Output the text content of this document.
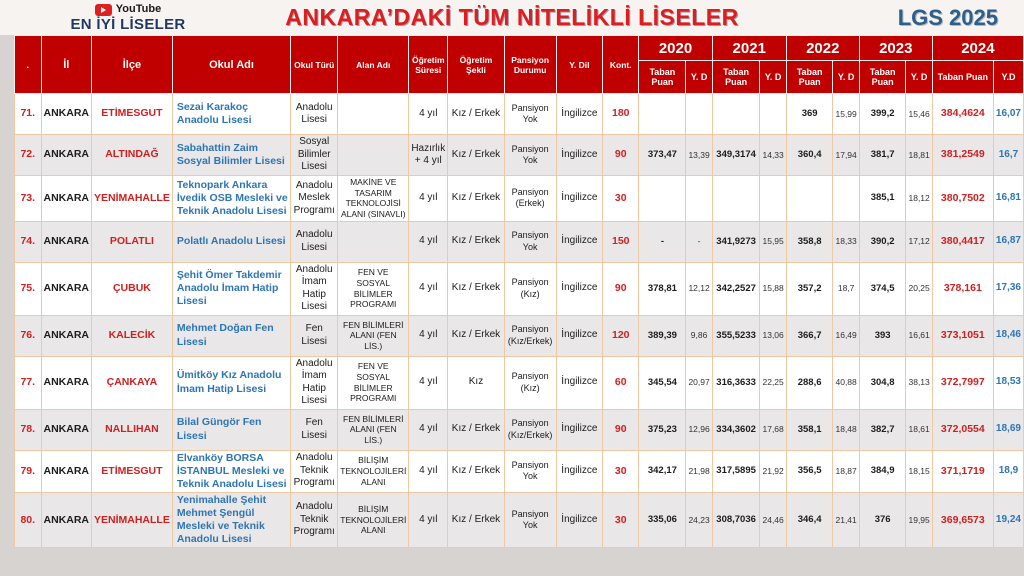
YouTube
EN İYİ LİSELER	ANKARA’DAKİ TÜM NİTELİKLİ LİSELER	LGS 2025
.	İl	İlçe	Okul Adı	Okul Türü	Alan Adı	Öğretim Süresi	Öğretim Şekli	Pansiyon Durumu	Y. Dil	Kont.	2020		2021		2022		2023		2024	
											Taban Puan	Y. D	Taban Puan	Y. D	Taban Puan	Y. D	Taban Puan	Y. D	Taban Puan	Y.D
71.	ANKARA	ETİMESGUT	Sezai Karakoç Anadolu Lisesi	Anadolu Lisesi		4 yıl	Kız / Erkek	Pansiyon Yok	İngilizce	180					369	15,99	399,2	15,46	384,4624	16,07
72.	ANKARA	ALTINDAĞ	Sabahattin Zaim Sosyal Bilimler Lisesi	Sosyal Bilimler Lisesi		Hazırlık + 4 yıl	Kız / Erkek	Pansiyon Yok	İngilizce	90	373,47	13,39	349,3174	14,33	360,4	17,94	381,7	18,81	381,2549	16,7
73.	ANKARA	YENİMAHALLE	Teknopark Ankara İvedik OSB Mesleki ve Teknik Anadolu Lisesi	Anadolu Meslek Programı	MAKİNE VE TASARIM TEKNOLOJİSİ ALANI (SINAVLI)	4 yıl	Kız / Erkek	Pansiyon (Erkek)	İngilizce	30							385,1	18,12	380,7502	16,81
74.	ANKARA	POLATLI	Polatlı Anadolu Lisesi	Anadolu Lisesi		4 yıl	Kız / Erkek	Pansiyon Yok	İngilizce	150	-	-	341,9273	15,95	358,8	18,33	390,2	17,12	380,4417	16,87
75.	ANKARA	ÇUBUK	Şehit Ömer Takdemir Anadolu İmam Hatip Lisesi	Anadolu İmam Hatip Lisesi	FEN VE SOSYAL BİLİMLER PROGRAMI	4 yıl	Kız / Erkek	Pansiyon (Kız)	İngilizce	90	378,81	12,12	342,2527	15,88	357,2	18,7	374,5	20,25	378,161	17,36
76.	ANKARA	KALECİK	Mehmet Doğan Fen Lisesi	Fen Lisesi	FEN BİLİMLERİ ALANI (FEN LİS.)	4 yıl	Kız / Erkek	Pansiyon (Kız/Erkek)	İngilizce	120	389,39	9,86	355,5233	13,06	366,7	16,49	393	16,61	373,1051	18,46
77.	ANKARA	ÇANKAYA	Ümitköy Kız Anadolu İmam Hatip Lisesi	Anadolu İmam Hatip Lisesi	FEN VE SOSYAL BİLİMLER PROGRAMI	4 yıl	Kız	Pansiyon (Kız)	İngilizce	60	345,54	20,97	316,3633	22,25	288,6	40,88	304,8	38,13	372,7997	18,53
78.	ANKARA	NALLIHAN	Bilal Güngör Fen Lisesi	Fen Lisesi	FEN BİLİMLERİ ALANI (FEN LİS.)	4 yıl	Kız / Erkek	Pansiyon (Kız/Erkek)	İngilizce	90	375,23	12,96	334,3602	17,68	358,1	18,48	382,7	18,61	372,0554	18,69
79.	ANKARA	ETİMESGUT	Elvanköy BORSA İSTANBUL Mesleki ve Teknik Anadolu Lisesi	Anadolu Teknik Programı	BİLİŞİM TEKNOLOJİLERİ ALANI	4 yıl	Kız / Erkek	Pansiyon Yok	İngilizce	30	342,17	21,98	317,5895	21,92	356,5	18,87	384,9	18,15	371,1719	18,9
80.	ANKARA	YENİMAHALLE	Yenimahalle Şehit Mehmet Şengül Mesleki ve Teknik Anadolu Lisesi	Anadolu Teknik Programı	BİLİŞİM TEKNOLOJİLERİ ALANI	4 yıl	Kız / Erkek	Pansiyon Yok	İngilizce	30	335,06	24,23	308,7036	24,46	346,4	21,41	376	19,95	369,6573	19,24
